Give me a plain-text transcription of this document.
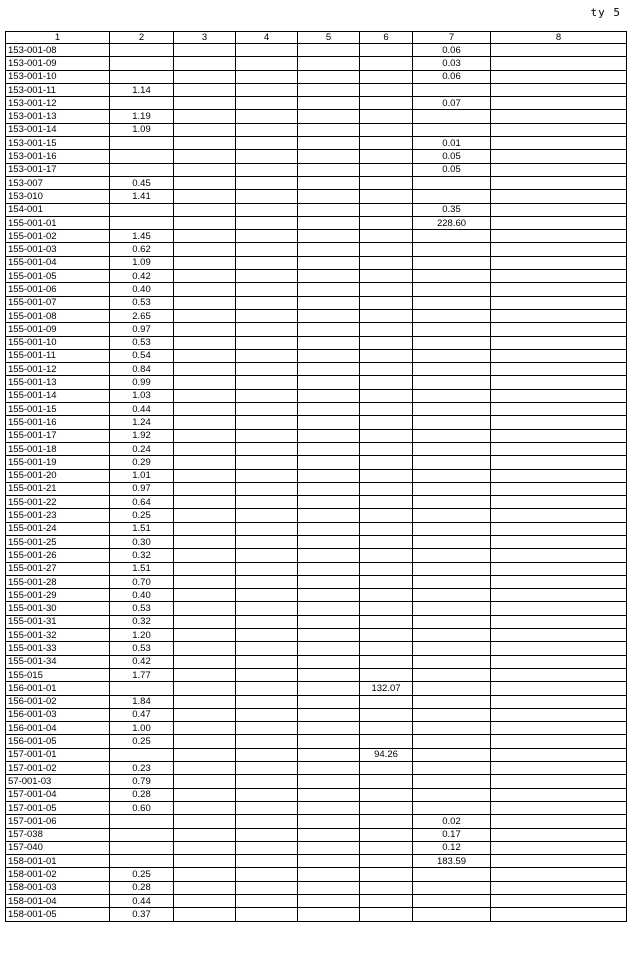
ty 5
1	2	3	4	5	6	7	8
153-001-08						0.06	
153-001-09						0.03	
153-001-10						0.06	
153-001-11	1.14						
153-001-12						0.07	
153-001-13	1.19						
153-001-14	1.09						
153-001-15						0.01	
153-001-16						0.05	
153-001-17						0.05	
153-007	0.45						
153-010	1.41						
154-001						0.35	
155-001-01						228.60	
155-001-02	1.45						
155-001-03	0.62						
155-001-04	1.09						
155-001-05	0.42						
155-001-06	0.40						
155-001-07	0.53						
155-001-08	2.65						
155-001-09	0.97						
155-001-10	0.53						
155-001-11	0.54						
155-001-12	0.84						
155-001-13	0.99						
155-001-14	1.03						
155-001-15	0.44						
155-001-16	1.24						
155-001-17	1.92						
155-001-18	0.24						
155-001-19	0.29						
155-001-20	1.01						
155-001-21	0.97						
155-001-22	0.64						
155-001-23	0.25						
155-001-24	1.51						
155-001-25	0.30						
155-001-26	0.32						
155-001-27	1.51						
155-001-28	0.70						
155-001-29	0.40						
155-001-30	0.53						
155-001-31	0.32						
155-001-32	1.20						
155-001-33	0.53						
155-001-34	0.42						
155-015	1.77						
156-001-01					132.07		
156-001-02	1.84						
156-001-03	0.47						
156-001-04	1.00						
156-001-05	0.25						
157-001-01					94.26		
157-001-02	0.23						
57-001-03	0.79						
157-001-04	0.28						
157-001-05	0.60						
157-001-06						0.02	
157-038						0.17	
157-040						0.12	
158-001-01						183.59	
158-001-02	0.25						
158-001-03	0.28						
158-001-04	0.44						
158-001-05	0.37						
